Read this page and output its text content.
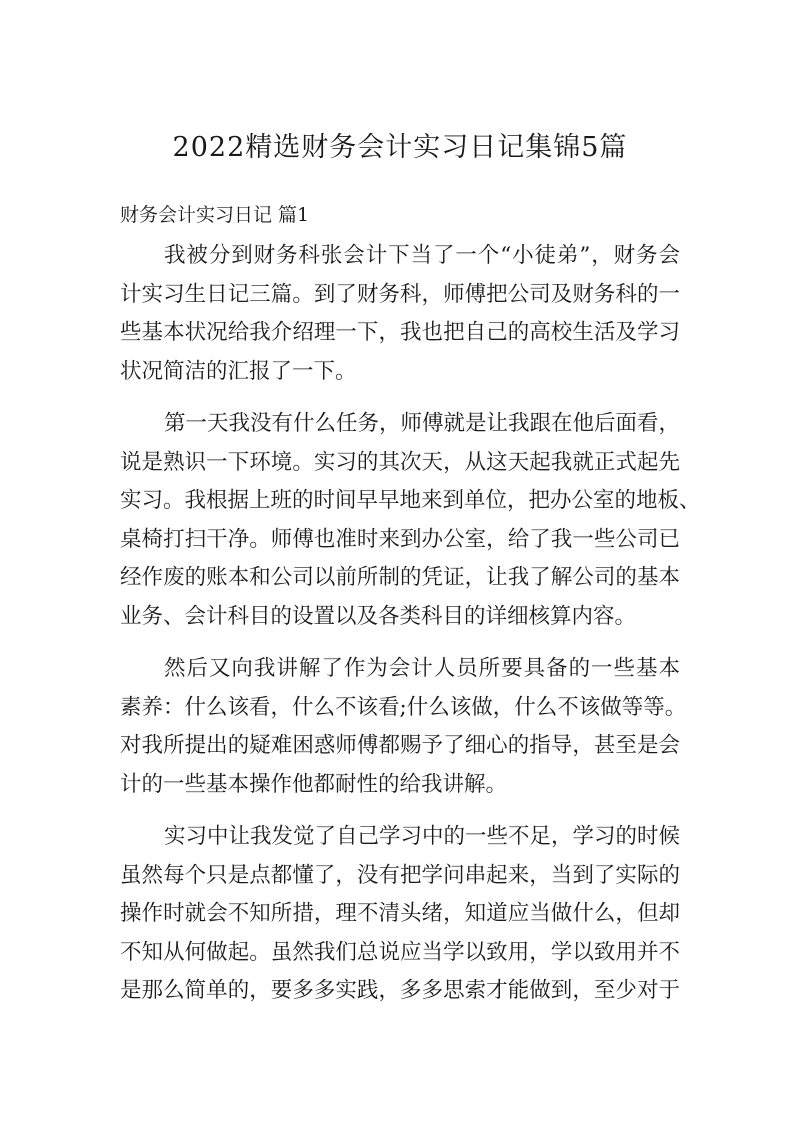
2022精选财务会计实习日记集锦5篇
财务会计实习日记 篇1

我被分到财务科张会计下当了一个“小徒弟”，财务会
计实习生日记三篇。到了财务科，师傅把公司及财务科的一
些基本状况给我介绍理一下，我也把自己的高校生活及学习
状况简洁的汇报了一下。

第一天我没有什么任务，师傅就是让我跟在他后面看，
说是熟识一下环境。实习的其次天，从这天起我就正式起先
实习。我根据上班的时间早早地来到单位，把办公室的地板、
桌椅打扫干净。师傅也准时来到办公室，给了我一些公司已
经作废的账本和公司以前所制的凭证，让我了解公司的基本
业务、会计科目的设置以及各类科目的详细核算内容。

然后又向我讲解了作为会计人员所要具备的一些基本
素养：什么该看，什么不该看;什么该做，什么不该做等等。
对我所提出的疑难困惑师傅都赐予了细心的指导，甚至是会
计的一些基本操作他都耐性的给我讲解。

实习中让我发觉了自己学习中的一些不足，学习的时候
虽然每个只是点都懂了，没有把学问串起来，当到了实际的
操作时就会不知所措，理不清头绪，知道应当做什么，但却
不知从何做起。虽然我们总说应当学以致用，学以致用并不
是那么简单的，要多多实践，多多思索才能做到，至少对于
